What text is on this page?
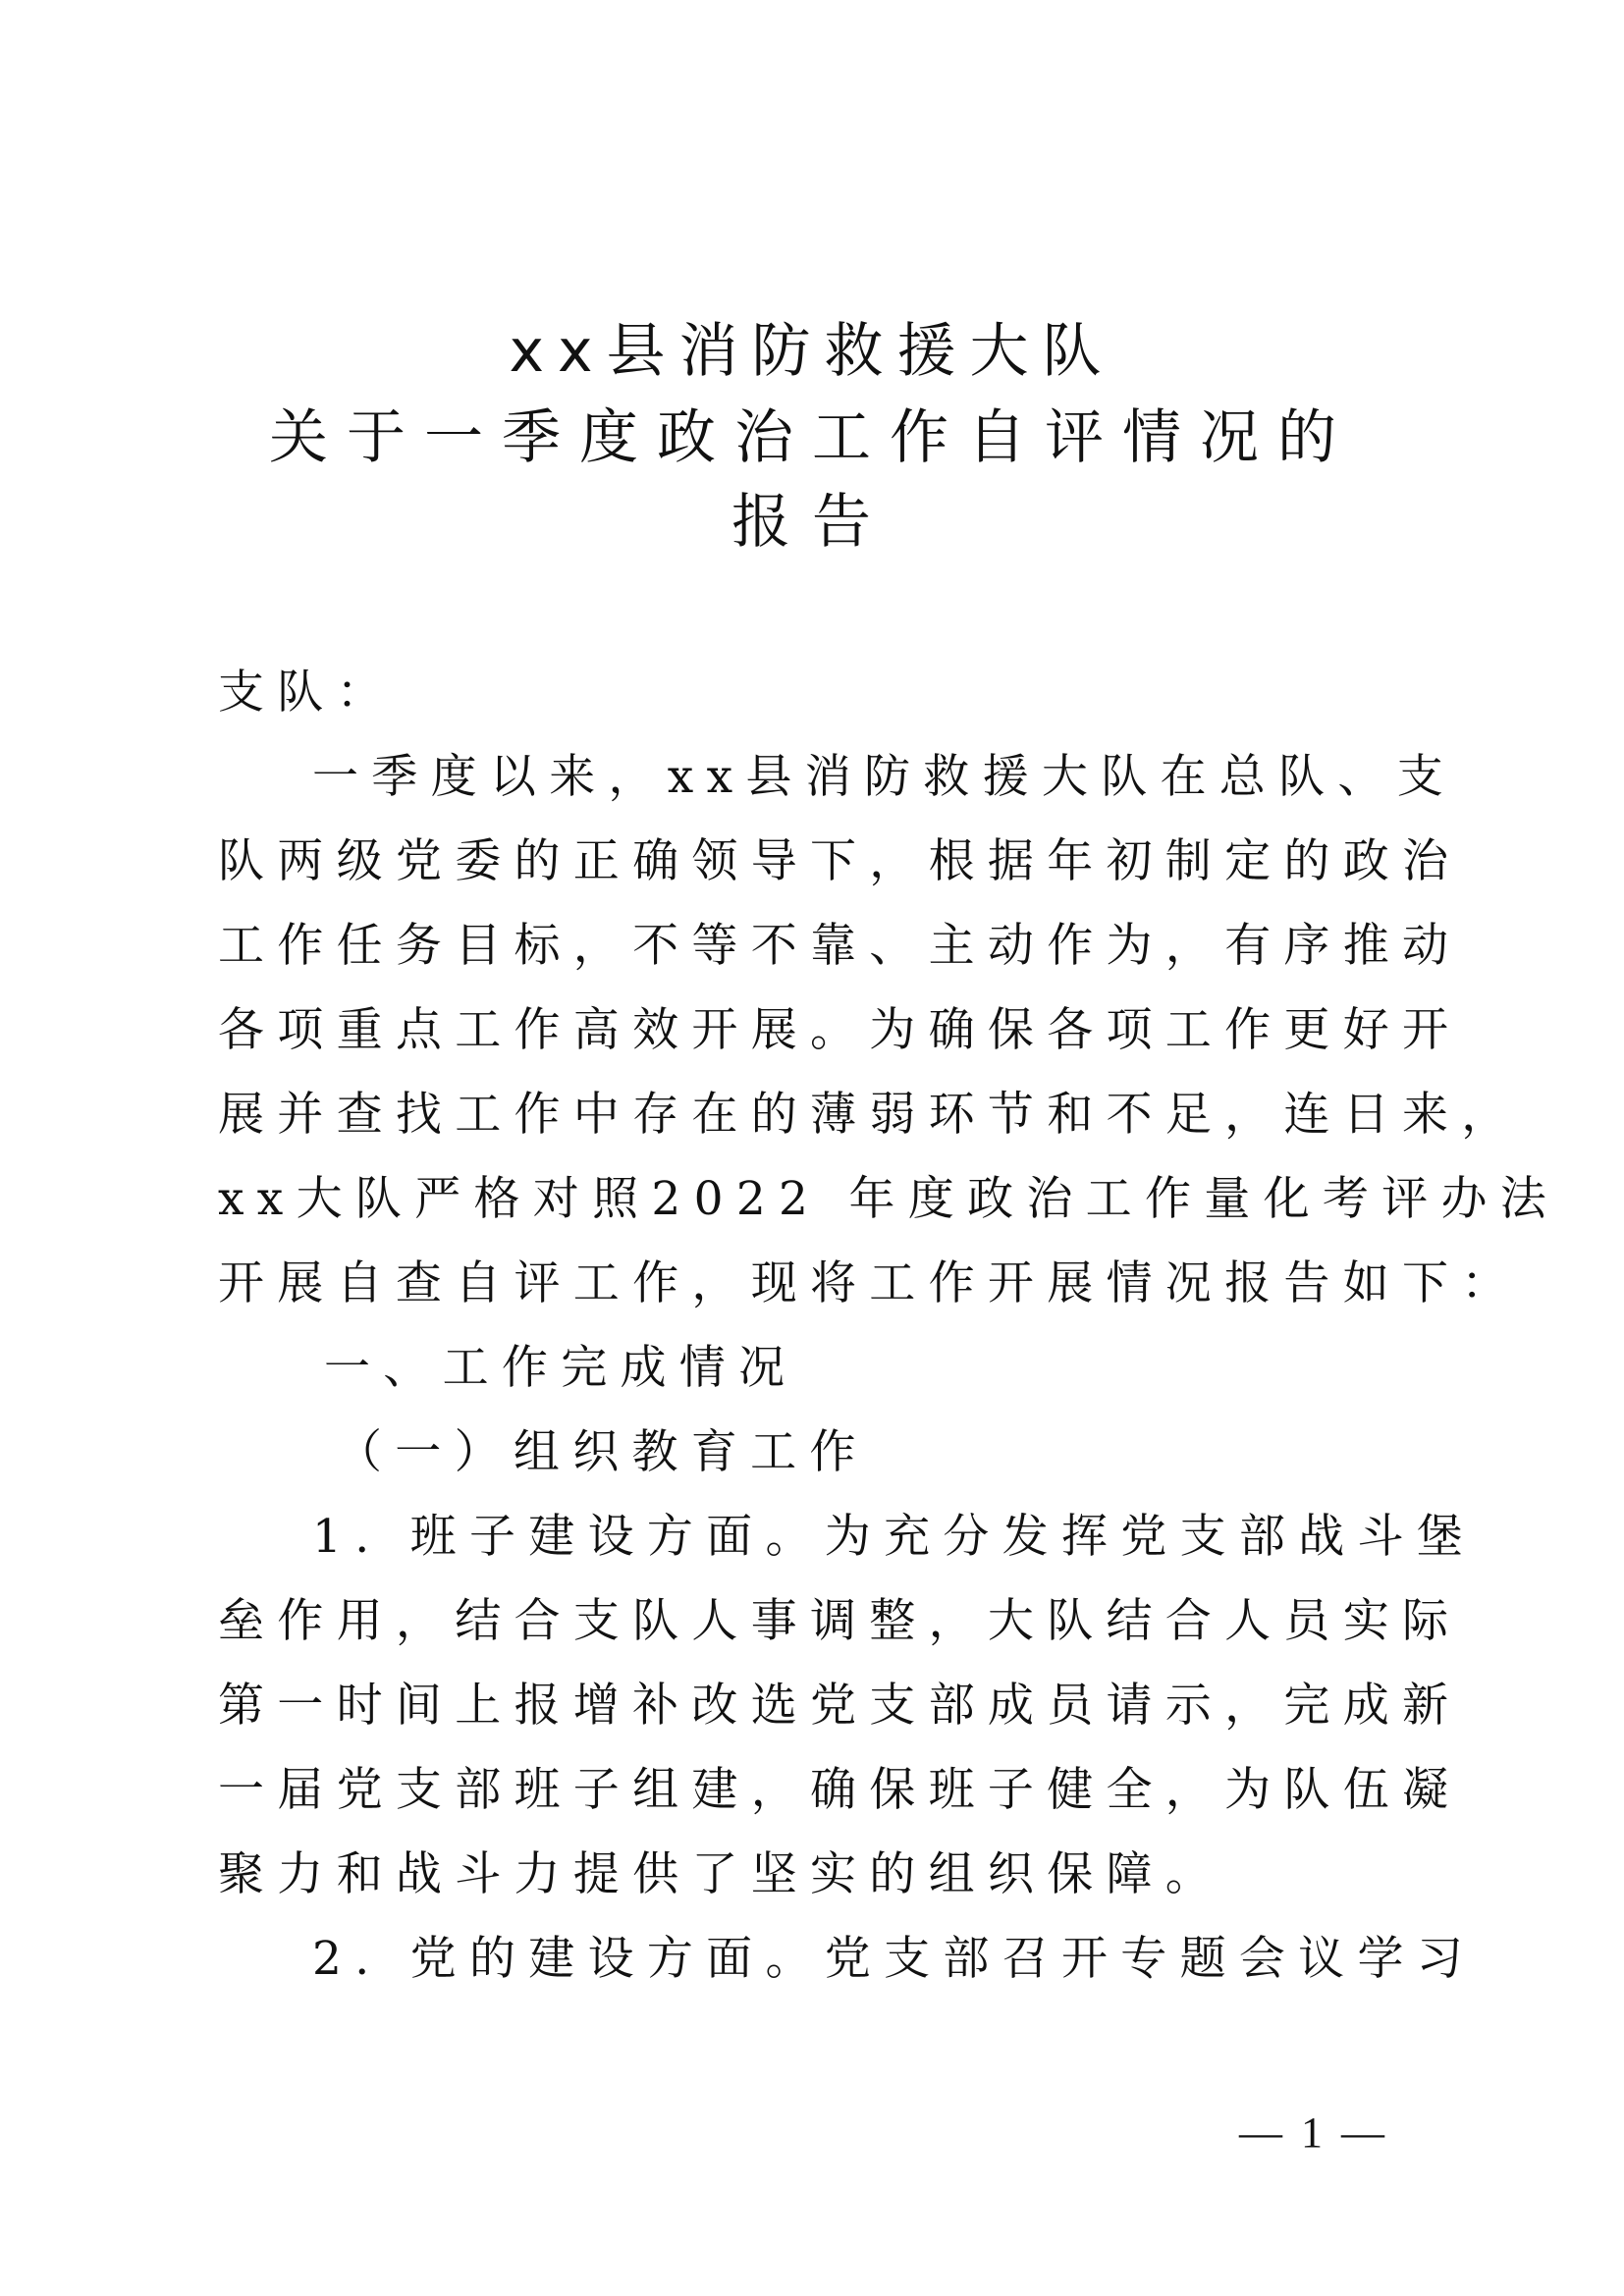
xx县消防救援大队
关于一季度政治工作自评情况的
报告
支队：
一季度以来，xx县消防救援大队在总队、支
队两级党委的正确领导下，根据年初制定的政治
工作任务目标，不等不靠、主动作为，有序推动
各项重点工作高效开展。为确保各项工作更好开
展并查找工作中存在的薄弱环节和不足，连日来，
xx大队严格对照2022 年度政治工作量化考评办法
开展自查自评工作，现将工作开展情况报告如下：
一、工作完成情况
（一）组织教育工作
1. 班子建设方面。为充分发挥党支部战斗堡
垒作用，结合支队人事调整，大队结合人员实际
第一时间上报增补改选党支部成员请示，完成新
一届党支部班子组建，确保班子健全，为队伍凝
聚力和战斗力提供了坚实的组织保障。
2. 党的建设方面。党支部召开专题会议学习
— 1 —
